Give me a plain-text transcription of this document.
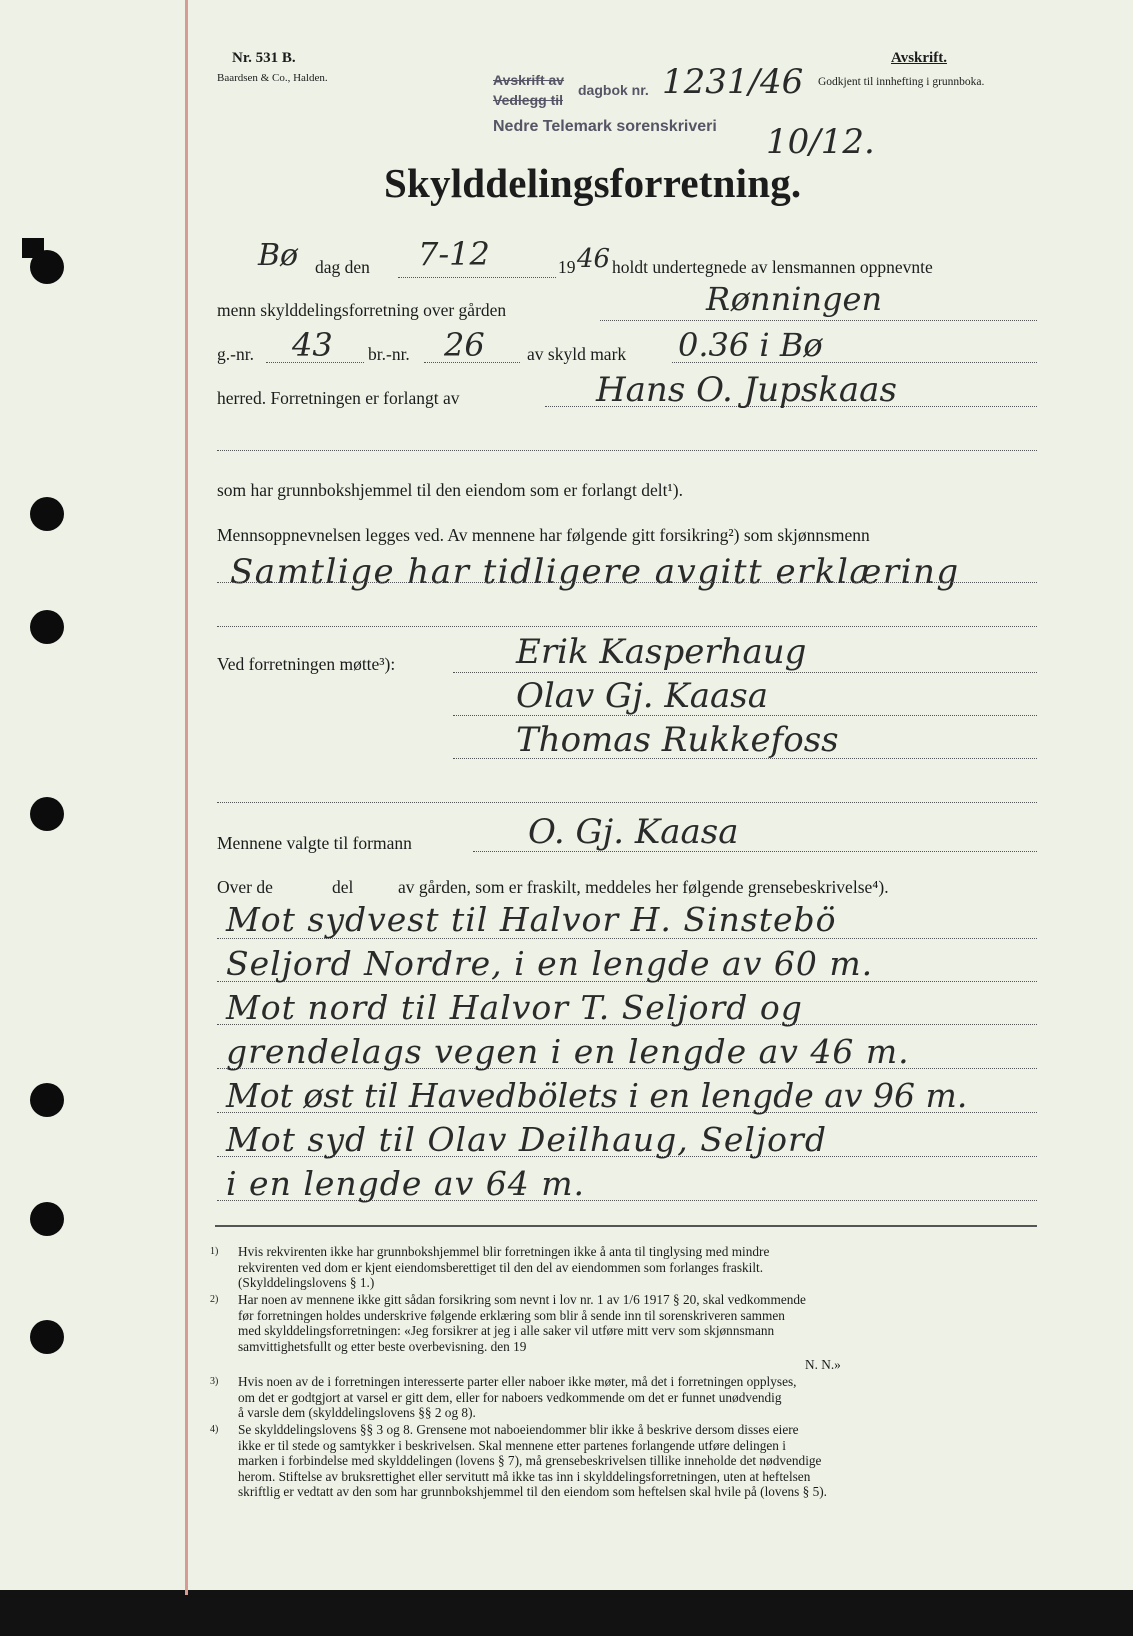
Nr. 531 B.
Baardsen & Co., Halden.	Avskrift av
dagbok nr.
Vedlegg til
Nedre Telemark sorenskriveri
1231/46
10/12.
Avskrift.
Godkjent til innhefting i grunnboka.
Skylddelingsforretning.
Bø dag den 7-12	19 46 holdt undertegnede av lensmannen oppnevnte
menn skylddelingsforretning over gården	Rønningen
g.-nr. 43 br.-nr. 26 av skyld mark 0.36 i Bø
herred. Forretningen er forlangt av	Hans O. Jupskaas
som har grunnbokshjemmel til den eiendom som er forlangt delt¹).
Mennsoppnevnelsen legges ved. Av mennene har følgende gitt forsikring²) som skjønnsmenn
Samtlige har tidligere avgitt erklæring
Ved forretningen møtte³):	Erik Kasperhaug
Olav Gj. Kaasa
Thomas Rukkefoss
Mennene valgte til formann	O. Gj. Kaasa
Over de	del	av gården, som er fraskilt, meddeles her følgende grensebeskrivelse⁴).
Mot sydvest til Halvor H. Sinstebö
Seljord Nordre, i en lengde av 60 m.
Mot nord til Halvor T. Seljord og
grendelags vegen i en lengde av 46 m.
Mot øst til Havedbölets i en lengde av 96 m.
Mot syd til Olav Deilhaug, Seljord
i en lengde av 64 m.
1) Hvis rekvirenten ikke har grunnbokshjemmel blir forretningen ikke å anta til tinglysing med mindre
rekvirenten ved dom er kjent eiendomsberettiget til den del av eiendommen som forlanges fraskilt.
(Skylddelingslovens § 1.)
2) Har noen av mennene ikke gitt sådan forsikring som nevnt i lov nr. 1 av 1/6 1917 § 20, skal vedkommende
før forretningen holdes underskrive følgende erklæring som blir å sende inn til sorenskriveren sammen
med skylddelingsforretningen: «Jeg forsikrer at jeg i alle saker vil utføre mitt verv som skjønnsmann
samvittighetsfullt og etter beste overbevisning. den 19
N. N.»
3) Hvis noen av de i forretningen interesserte parter eller naboer ikke møter, må det i forretningen opplyses,
om det er godtgjort at varsel er gitt dem, eller for naboers vedkommende om det er funnet unødvendig
å varsle dem (skylddelingslovens §§ 2 og 8).
4) Se skylddelingslovens §§ 3 og 8. Grensene mot naboeiendommer blir ikke å beskrive dersom disses eiere
ikke er til stede og samtykker i beskrivelsen. Skal mennene etter partenes forlangende utføre delingen i
marken i forbindelse med skylddelingen (lovens § 7), må grensebeskrivelsen tillike inneholde det nødvendige
herom. Stiftelse av bruksrettighet eller servitutt må ikke tas inn i skylddelingsforretningen, uten at heftelsen
skriftlig er vedtatt av den som har grunnbokshjemmel til den eiendom som heftelsen skal hvile på (lovens § 5).
